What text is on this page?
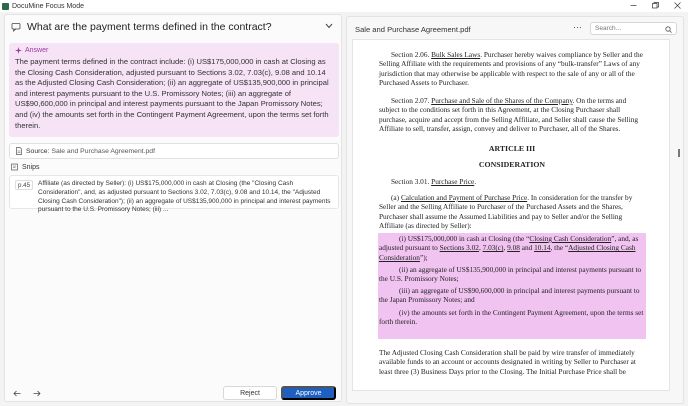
DocuMine Focus Mode
What are the payment terms defined in the contract?
Answer
The payment terms defined in the contract include: (i) US$175,000,000 in cash at Closing as the Closing Cash Consideration, adjusted pursuant to Sections 3.02, 7.03(c), 9.08 and 10.14 as the Adjusted Closing Cash Consideration; (ii) an aggregate of US$135,900,000 in principal and interest payments pursuant to the U.S. Promissory Notes; (iii) an aggregate of US$90,600,000 in principal and interest payments pursuant to the Japan Promissory Notes; and (iv) the amounts set forth in the Contingent Payment Agreement, upon the terms set forth therein.
Source: Sale and Purchase Agreement.pdf
Snips
p.45	Affiliate (as directed by Seller): (i) US$175,000,000 in cash at Closing (the "Closing Cash Consideration", and, as adjusted pursuant to Sections 3.02, 7.03(c), 9.08 and 10.14, the "Adjusted Closing Cash Consideration"); (ii) an aggregate of US$135,900,000 in principal and interest payments pursuant to the U.S. Promissory Notes; (iii) ...
Reject	Approve
Sale and Purchase Agreement.pdf	···
Search...

Section 2.06. Bulk Sales Laws. Purchaser hereby waives compliance by Seller and the Selling Affiliate with the requirements and provisions of any “bulk-transfer” Laws of any jurisdiction that may otherwise be applicable with respect to the sale of any or all of the Purchased Assets to Purchaser.

Section 2.07. Purchase and Sale of the Shares of the Company. On the terms and subject to the conditions set forth in this Agreement, at the Closing Purchaser shall purchase, acquire and accept from the Selling Affiliate, and Seller shall cause the Selling Affiliate to sell, transfer, assign, convey and deliver to Purchaser, all of the Shares.

ARTICLE III

CONSIDERATION

Section 3.01. Purchase Price.

(a) Calculation and Payment of Purchase Price. In consideration for the transfer by Seller and the Selling Affiliate to Purchaser of the Purchased Assets and the Shares, Purchaser shall assume the Assumed Liabilities and pay to Seller and/or the Selling Affiliate (as directed by Seller):

(i) US$175,000,000 in cash at Closing (the “Closing Cash Consideration”, and, as adjusted pursuant to Sections 3.02, 7.03(c), 9.08 and 10.14, the “Adjusted Closing Cash Consideration”);

(ii) an aggregate of US$135,900,000 in principal and interest payments pursuant to the U.S. Promissory Notes;

(iii) an aggregate of US$90,600,000 in principal and interest payments pursuant to the Japan Promissory Notes; and

(iv) the amounts set forth in the Contingent Payment Agreement, upon the terms set forth therein.

The Adjusted Closing Cash Consideration shall be paid by wire transfer of immediately available funds to an account or accounts designated in writing by Seller to Purchaser at least three (3) Business Days prior to the Closing. The Initial Purchase Price shall be
